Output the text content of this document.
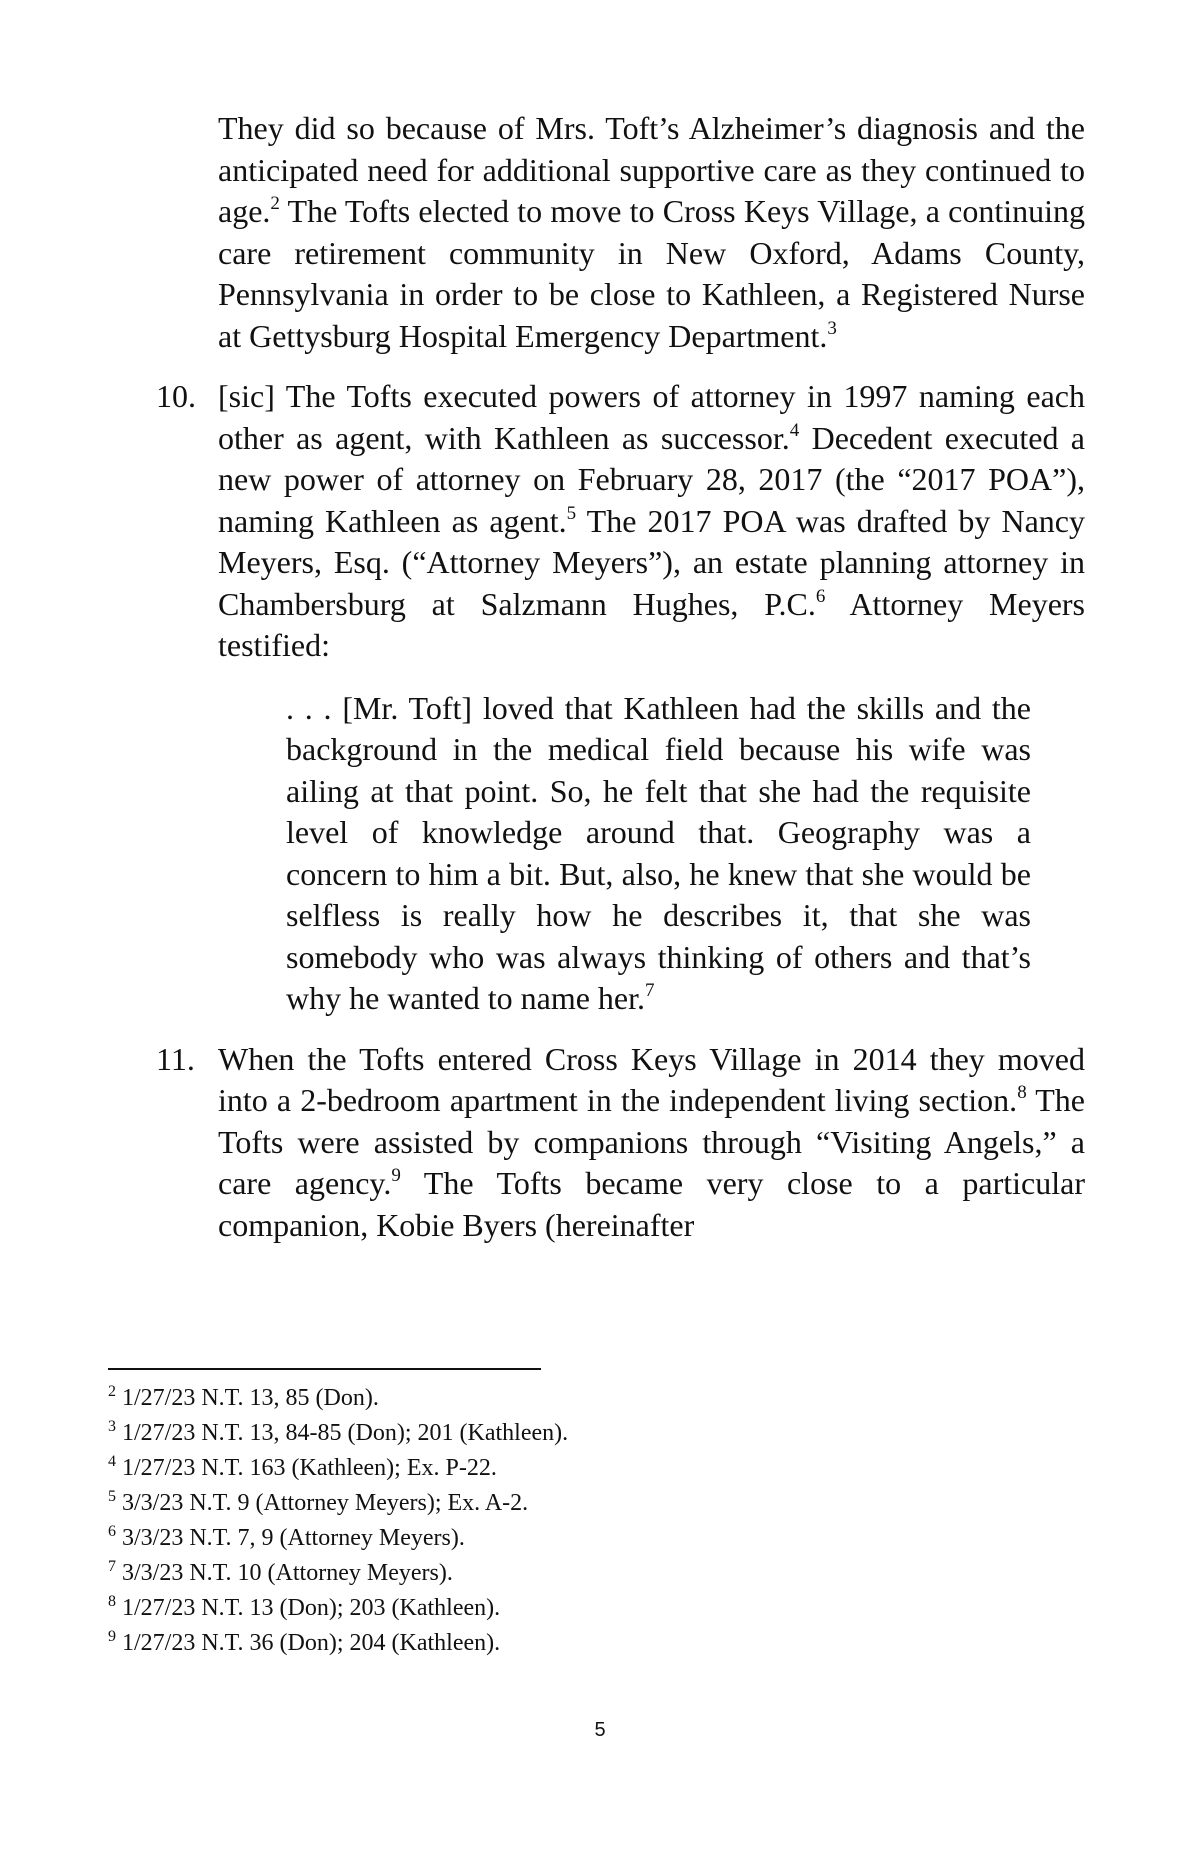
They did so because of Mrs. Toft’s Alzheimer’s diagnosis and the anticipated need for additional supportive care as they continued to age.$^2$ The Tofts elected to move to Cross Keys Village, a continuing care retirement community in New Oxford, Adams County, Pennsylvania in order to be close to Kathleen, a Registered Nurse at Gettysburg Hospital Emergency Department.$^3$

10. [sic] The Tofts executed powers of attorney in 1997 naming each other as agent, with Kathleen as successor.$^4$ Decedent executed a new power of attorney on February 28, 2017 (the “2017 POA”), naming Kathleen as agent.$^5$ The 2017 POA was drafted by Nancy Meyers, Esq. (“Attorney Meyers”), an estate planning attorney in Chambersburg at Salzmann Hughes, P.C.$^6$ Attorney Meyers testified:

. . . [Mr. Toft] loved that Kathleen had the skills and the background in the medical field because his wife was ailing at that point. So, he felt that she had the requisite level of knowledge around that. Geography was a concern to him a bit. But, also, he knew that she would be selfless is really how he describes it, that she was somebody who was always thinking of others and that’s why he wanted to name her.$^7$

11. When the Tofts entered Cross Keys Village in 2014 they moved into a 2-bedroom apartment in the independent living section.$^8$ The Tofts were assisted by companions through “Visiting Angels,” a care agency.$^9$ The Tofts became very close to a particular companion, Kobie Byers (hereinafter

$^2$ 1/27/23 N.T. 13, 85 (Don).
$^3$ 1/27/23 N.T. 13, 84-85 (Don); 201 (Kathleen).
$^4$ 1/27/23 N.T. 163 (Kathleen); Ex. P-22.
$^5$ 3/3/23 N.T. 9 (Attorney Meyers); Ex. A-2.
$^6$ 3/3/23 N.T. 7, 9 (Attorney Meyers).
$^7$ 3/3/23 N.T. 10 (Attorney Meyers).
$^8$ 1/27/23 N.T. 13 (Don); 203 (Kathleen).
$^9$ 1/27/23 N.T. 36 (Don); 204 (Kathleen).
5
